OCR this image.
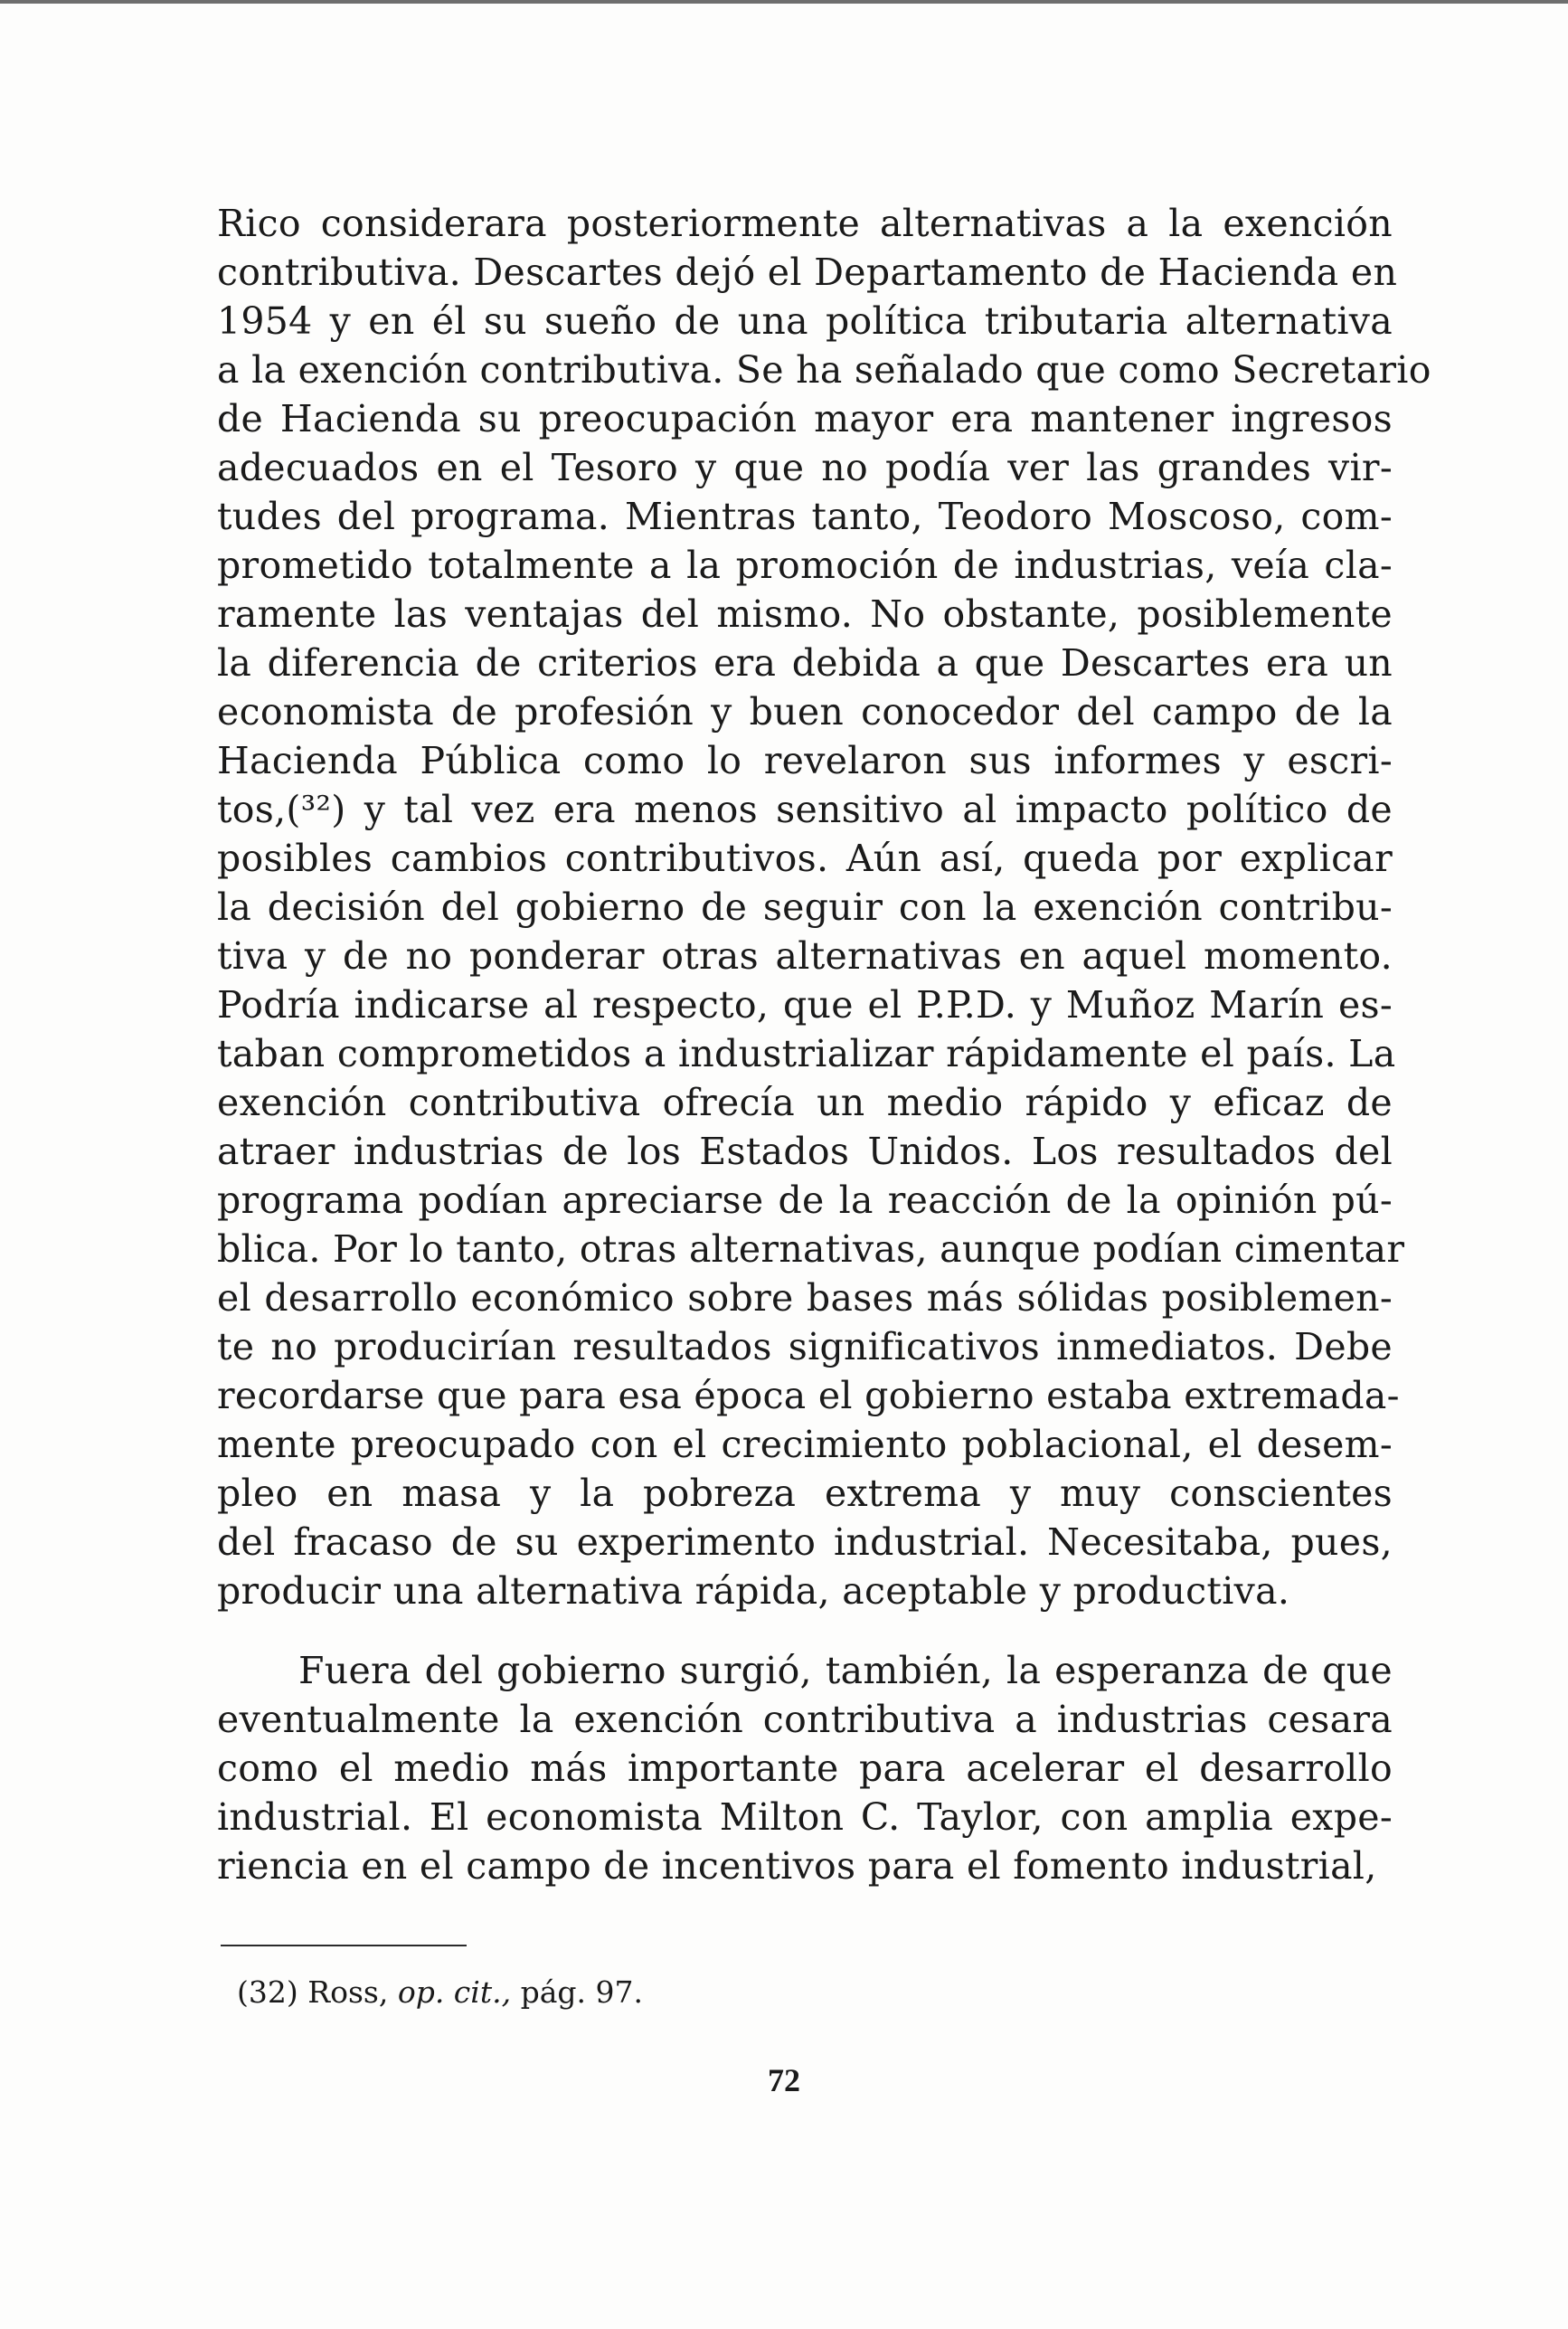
Rico considerara posteriormente alternativas a la exención
contributiva. Descartes dejó el Departamento de Hacienda en
1954 y en él su sueño de una política tributaria alternativa
a la exención contributiva. Se ha señalado que como Secretario
de Hacienda su preocupación mayor era mantener ingresos
adecuados en el Tesoro y que no podía ver las grandes vir-
tudes del programa. Mientras tanto, Teodoro Moscoso, com-
prometido totalmente a la promoción de industrias, veía cla-
ramente las ventajas del mismo. No obstante, posiblemente
la diferencia de criterios era debida a que Descartes era un
economista de profesión y buen conocedor del campo de la
Hacienda Pública como lo revelaron sus informes y escri-
tos,(³²) y tal vez era menos sensitivo al impacto político de
posibles cambios contributivos. Aún así, queda por explicar
la decisión del gobierno de seguir con la exención contribu-
tiva y de no ponderar otras alternativas en aquel momento.
Podría indicarse al respecto, que el P.P.D. y Muñoz Marín es-
taban comprometidos a industrializar rápidamente el país. La
exención contributiva ofrecía un medio rápido y eficaz de
atraer industrias de los Estados Unidos. Los resultados del
programa podían apreciarse de la reacción de la opinión pú-
blica. Por lo tanto, otras alternativas, aunque podían cimentar
el desarrollo económico sobre bases más sólidas posiblemen-
te no producirían resultados significativos inmediatos. Debe
recordarse que para esa época el gobierno estaba extremada-
mente preocupado con el crecimiento poblacional, el desem-
pleo en masa y la pobreza extrema y muy conscientes
del fracaso de su experimento industrial. Necesitaba, pues,
producir una alternativa rápida, aceptable y productiva.
Fuera del gobierno surgió, también, la esperanza de que
eventualmente la exención contributiva a industrias cesara
como el medio más importante para acelerar el desarrollo
industrial. El economista Milton C. Taylor, con amplia expe-
riencia en el campo de incentivos para el fomento industrial,
(32) Ross, op. cit., pág. 97.
72
